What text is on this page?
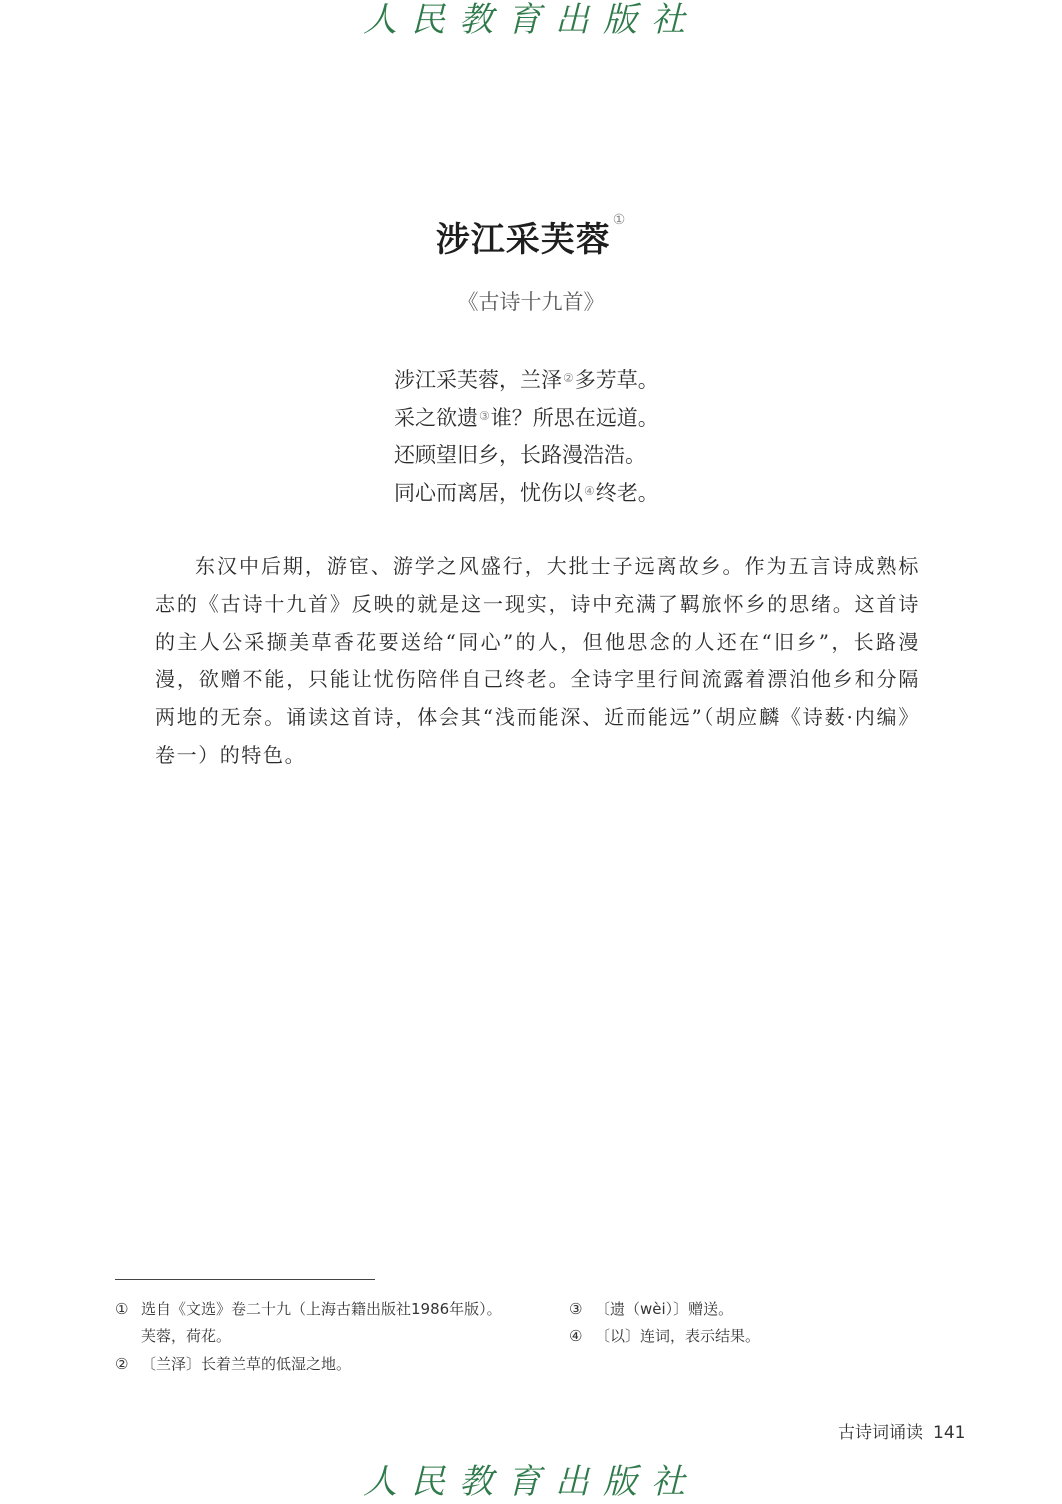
人民教育出版社
涉江采芙蓉 ①
《古诗十九首》
涉江采芙蓉，兰泽②多芳草。
采之欲遗③谁？所思在远道。
还顾望旧乡，长路漫浩浩。
同心而离居，忧伤以④终老。
东汉中后期，游宦、游学之风盛行，大批士子远离故乡。作为五言诗成熟标志的《古诗十九首》反映的就是这一现实，诗中充满了羁旅怀乡的思绪。这首诗的主人公采撷美草香花要送给“同心”的人，但他思念的人还在“旧乡”，长路漫漫，欲赠不能，只能让忧伤陪伴自己终老。全诗字里行间流露着漂泊他乡和分隔两地的无奈。诵读这首诗，体会其“浅而能深、近而能远”（胡应麟《诗薮·内编》卷一）的特色。
① 选自《文选》卷二十九（上海古籍出版社1986年版）。
芙蓉，荷花。
② 〔兰泽〕长着兰草的低湿之地。
③ 〔遗（wèi）〕赠送。
④ 〔以〕连词，表示结果。
古诗词诵读 141
人民教育出版社
